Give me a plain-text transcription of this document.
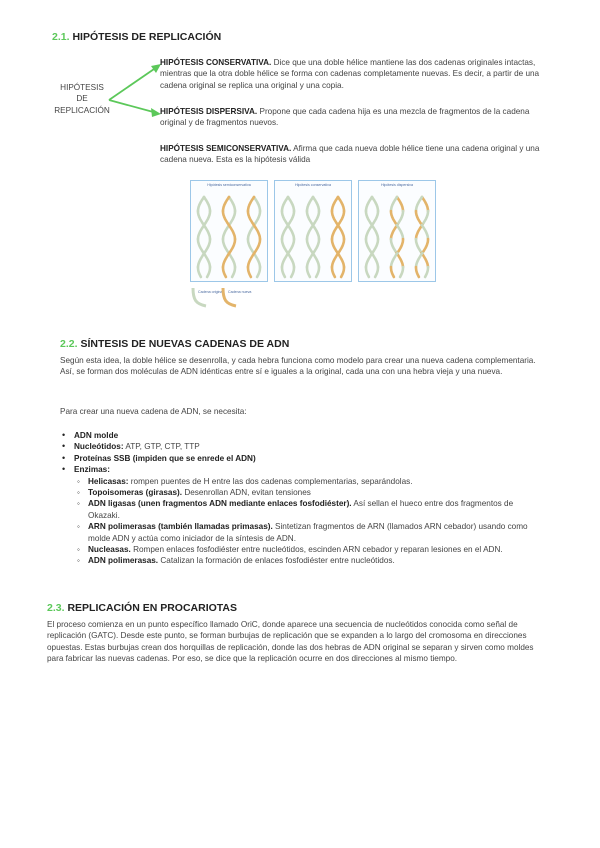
2.1. HIPÓTESIS DE REPLICACIÓN
HIPÓTESIS
DE
REPLICACIÓN
HIPÓTESIS CONSERVATIVA. Dice que una doble hélice mantiene las dos cadenas originales intactas, mientras que la otra doble hélice se forma con cadenas completamente nuevas. Es decir, a partir de una cadena original se replica una original y una copia.
HIPÓTESIS DISPERSIVA. Propone que cada cadena hija es una mezcla de fragmentos de la cadena original y de fragmentos nuevos.
HIPÓTESIS SEMICONSERVATIVA. Afirma que cada nueva doble hélice tiene una cadena original y una cadena nueva. Esta es la hipótesis válida
Hipótesis semiconservativa	Hipótesis conservativa	Hipótesis dispersiva
Cadena original Cadena nueva
2.2. SÍNTESIS DE NUEVAS CADENAS DE ADN
Según esta idea, la doble hélice se desenrolla, y cada hebra funciona como modelo para crear una nueva cadena complementaria. Así, se forman dos moléculas de ADN idénticas entre sí e iguales a la original, cada una con una hebra vieja y una nueva.
Para crear una nueva cadena de ADN, se necesita:
• ADN molde
• Nucleótidos: ATP, GTP, CTP, TTP
• Proteínas SSB (impiden que se enrede el ADN)
• Enzimas:
◦ Helicasas: rompen puentes de H entre las dos cadenas complementarias, separándolas.
◦ Topoisomeras (girasas). Desenrollan ADN, evitan tensiones
◦ ADN ligasas (unen fragmentos ADN mediante enlaces fosfodiéster). Así sellan el hueco entre dos fragmentos de Okazaki.
◦ ARN polimerasas (también llamadas primasas). Sintetizan fragmentos de ARN (llamados ARN cebador) usando como molde ADN y actúa como iniciador de la síntesis de ADN.
◦ Nucleasas. Rompen enlaces fosfodiéster entre nucleótidos, escinden ARN cebador y reparan lesiones en el ADN.
◦ ADN polimerasas. Catalizan la formación de enlaces fosfodiéster entre nucleótidos.
2.3. REPLICACIÓN EN PROCARIOTAS
El proceso comienza en un punto específico llamado OriC, donde aparece una secuencia de nucleótidos conocida como señal de replicación (GATC). Desde este punto, se forman burbujas de replicación que se expanden a lo largo del cromosoma en direcciones opuestas. Estas burbujas crean dos horquillas de replicación, donde las dos hebras de ADN original se separan y sirven como moldes para fabricar las nuevas cadenas. Por eso, se dice que la replicación ocurre en dos direcciones al mismo tiempo.
